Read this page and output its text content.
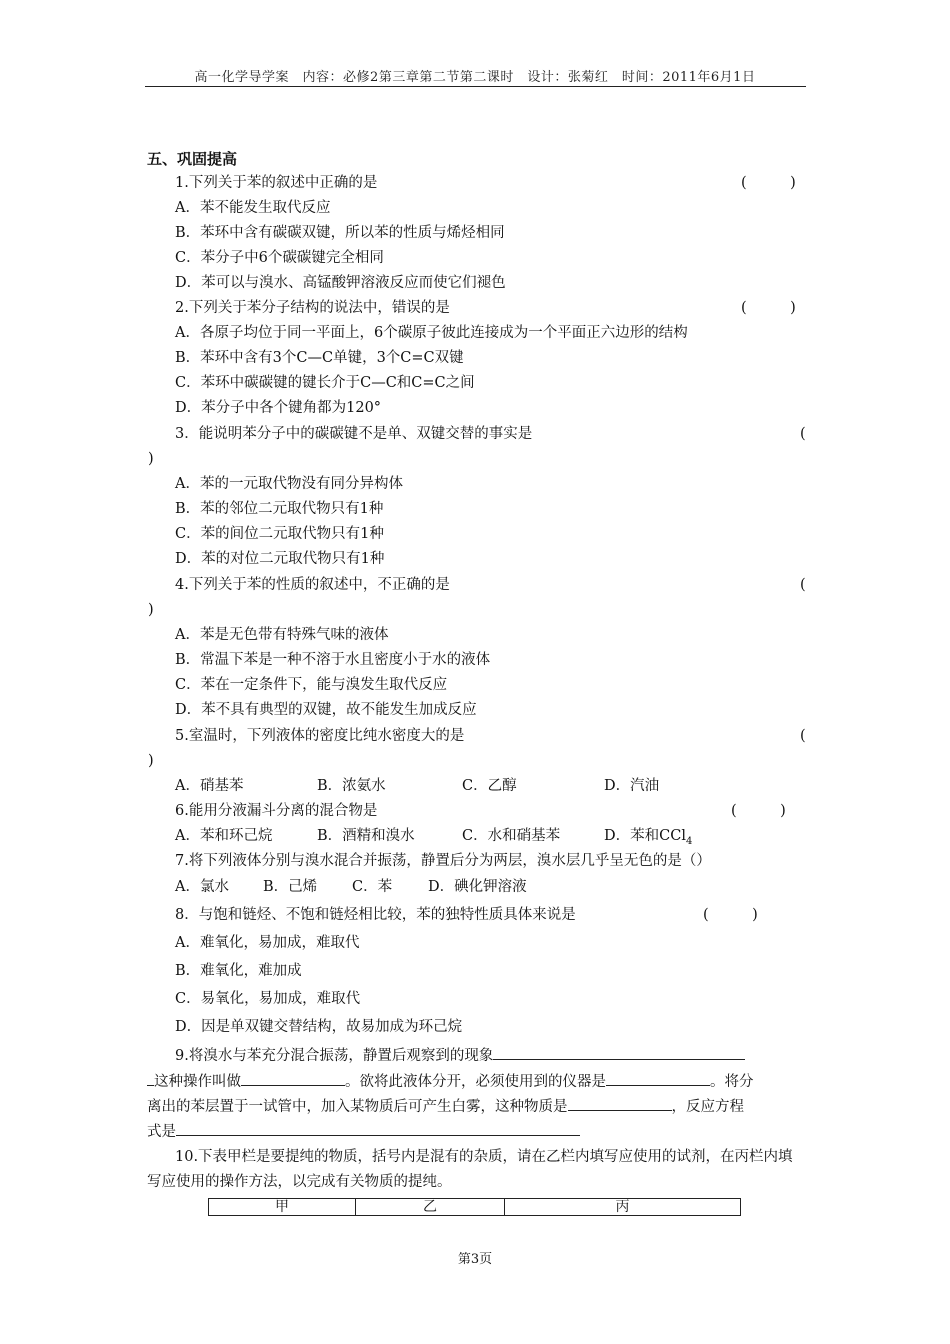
高一化学导学案　内容：必修2第三章第二节第二课时　设计：张菊红　时间：2011年6月1日
五、巩固提高
1.下列关于苯的叙述中正确的是	(　　　)
A．苯不能发生取代反应
B．苯环中含有碳碳双键，所以苯的性质与烯烃相同
C．苯分子中6个碳碳键完全相同
D．苯可以与溴水、高锰酸钾溶液反应而使它们褪色
2.下列关于苯分子结构的说法中，错误的是	(　　　)
A．各原子均位于同一平面上，6个碳原子彼此连接成为一个平面正六边形的结构
B．苯环中含有3个C—C单键，3个C=C双键
C．苯环中碳碳键的键长介于C—C和C=C之间
D．苯分子中各个键角都为120°
3．能说明苯分子中的碳碳键不是单、双键交替的事实是	(
)
A．苯的一元取代物没有同分异构体
B．苯的邻位二元取代物只有1种
C．苯的间位二元取代物只有1种
D．苯的对位二元取代物只有1种
4.下列关于苯的性质的叙述中，不正确的是	(
)
A．苯是无色带有特殊气味的液体
B．常温下苯是一种不溶于水且密度小于水的液体
C．苯在一定条件下，能与溴发生取代反应
D．苯不具有典型的双键，故不能发生加成反应
5.室温时，下列液体的密度比纯水密度大的是	(
)
A．硝基苯	B．浓氨水	C．乙醇	D．汽油
6.能用分液漏斗分离的混合物是	(　　　)
A．苯和环己烷	B．酒精和溴水	C．水和硝基苯	D．苯和CCl$_4$
7.将下列液体分别与溴水混合并振荡，静置后分为两层，溴水层几乎呈无色的是（）
A．氯水 B．己烯 C．苯 D．碘化钾溶液
8．与饱和链烃、不饱和链烃相比较，苯的独特性质具体来说是	(　　　)
A．难氧化，易加成，难取代
B．难氧化，难加成
C．易氧化，易加成，难取代
D．因是单双键交替结构，故易加成为环己烷
9.将溴水与苯充分混合振荡，静置后观察到的现象
这种操作叫做	。欲将此液体分开，必须使用到的仪器是	。将分
离出的苯层置于一试管中，加入某物质后可产生白雾，这种物质是	，反应方程
式是
10.下表甲栏是要提纯的物质，括号内是混有的杂质，请在乙栏内填写应使用的试剂，在丙栏内填写应使用的操作方法，以完成有关物质的提纯。
甲	乙	丙
第3页
